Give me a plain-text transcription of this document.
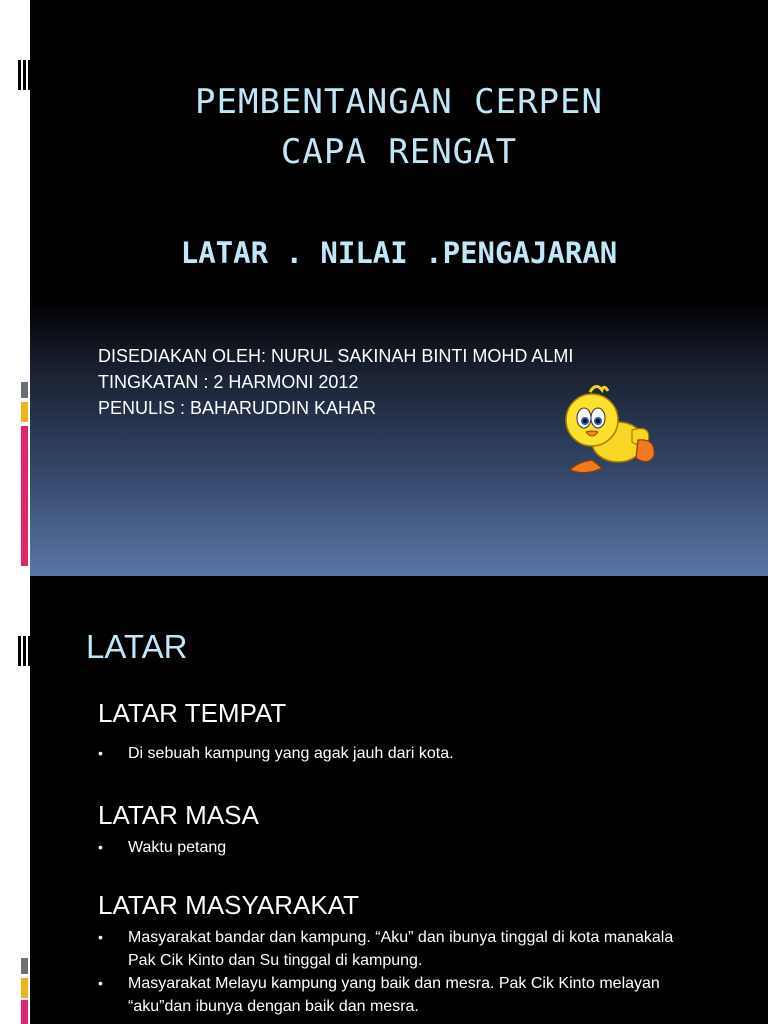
PEMBENTANGAN CERPEN
CAPA RENGAT
LATAR . NILAI .PENGAJARAN
DISEDIAKAN OLEH: NURUL SAKINAH BINTI MOHD ALMI
TINGKATAN : 2 HARMONI 2012
PENULIS : BAHARUDDIN KAHAR
LATAR
LATAR TEMPAT
• Di sebuah kampung yang agak jauh dari kota.
LATAR MASA
• Waktu petang
LATAR MASYARAKAT
• Masyarakat bandar dan kampung. “Aku” dan ibunya tinggal di kota manakala Pak Cik Kinto dan Su tinggal di kampung.
• Masyarakat Melayu kampung yang baik dan mesra. Pak Cik Kinto melayan “aku”dan ibunya dengan baik dan mesra.
